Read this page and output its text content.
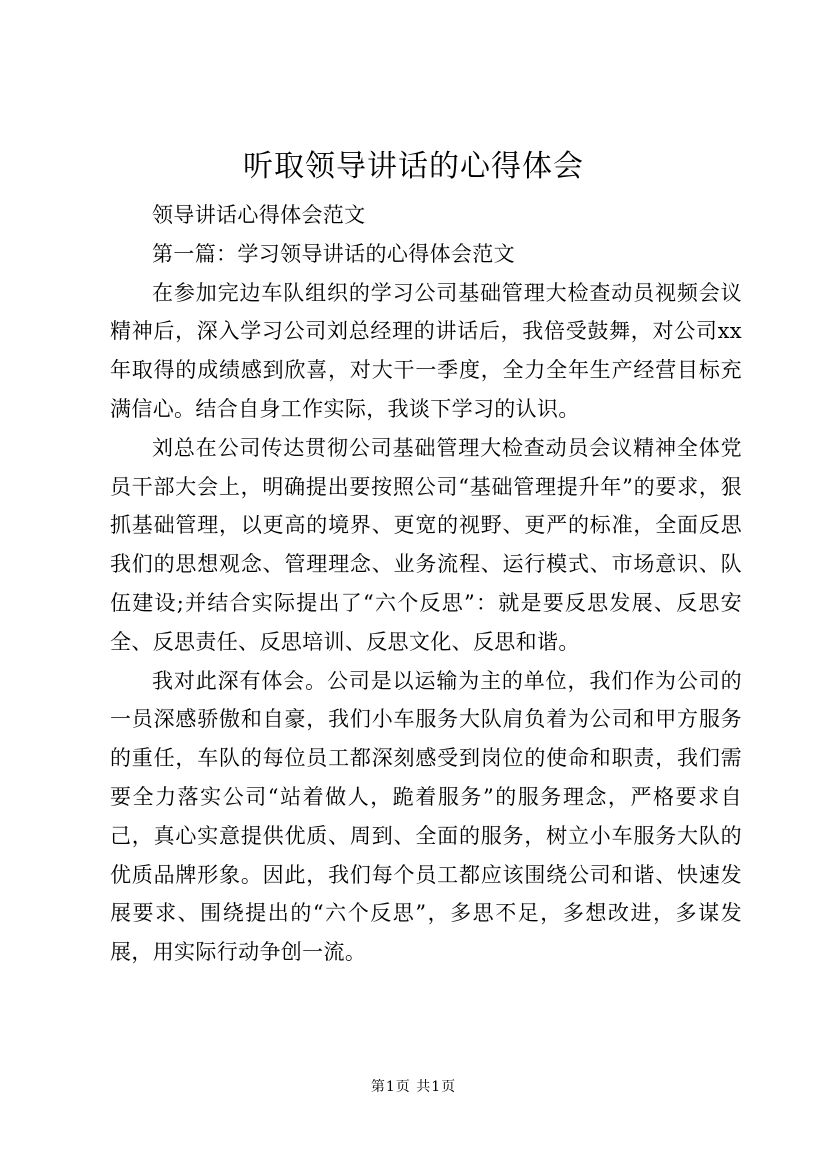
听取领导讲话的心得体会

领导讲话心得体会范文

第一篇：学习领导讲话的心得体会范文

在参加完边车队组织的学习公司基础管理大检查动员视频会议精神后，深入学习公司刘总经理的讲话后，我倍受鼓舞，对公司xx年取得的成绩感到欣喜，对大干一季度，全力全年生产经营目标充满信心。结合自身工作实际，我谈下学习的认识。

刘总在公司传达贯彻公司基础管理大检查动员会议精神全体党员干部大会上，明确提出要按照公司“基础管理提升年”的要求，狠抓基础管理，以更高的境界、更宽的视野、更严的标准，全面反思我们的思想观念、管理理念、业务流程、运行模式、市场意识、队伍建设;并结合实际提出了“六个反思”：就是要反思发展、反思安全、反思责任、反思培训、反思文化、反思和谐。

我对此深有体会。公司是以运输为主的单位，我们作为公司的一员深感骄傲和自豪，我们小车服务大队肩负着为公司和甲方服务的重任，车队的每位员工都深刻感受到岗位的使命和职责，我们需要全力落实公司“站着做人，跪着服务”的服务理念，严格要求自己，真心实意提供优质、周到、全面的服务，树立小车服务大队的优质品牌形象。因此，我们每个员工都应该围绕公司和谐、快速发展要求、围绕提出的“六个反思”，多思不足，多想改进，多谋发展，用实际行动争创一流。

第1页 共1页
